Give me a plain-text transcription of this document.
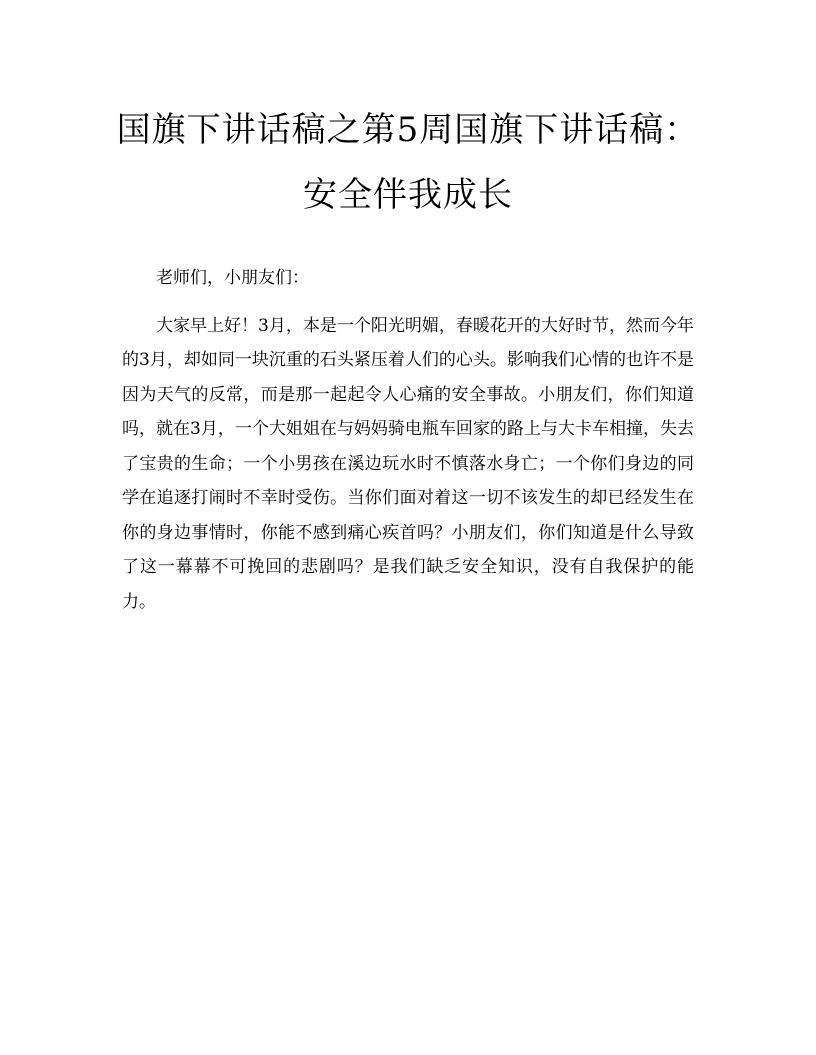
国旗下讲话稿之第5周国旗下讲话稿：
安全伴我成长

老师们，小朋友们：

大家早上好！3月，本是一个阳光明媚，春暖花开的大好时节，然而今年的3月，却如同一块沉重的石头紧压着人们的心头。影响我们心情的也许不是因为天气的反常，而是那一起起令人心痛的安全事故。小朋友们，你们知道吗，就在3月，一个大姐姐在与妈妈骑电瓶车回家的路上与大卡车相撞，失去了宝贵的生命；一个小男孩在溪边玩水时不慎落水身亡；一个你们身边的同学在追逐打闹时不幸时受伤。当你们面对着这一切不该发生的却已经发生在你的身边事情时，你能不感到痛心疾首吗？小朋友们，你们知道是什么导致了这一幕幕不可挽回的悲剧吗？是我们缺乏安全知识，没有自我保护的能力。
